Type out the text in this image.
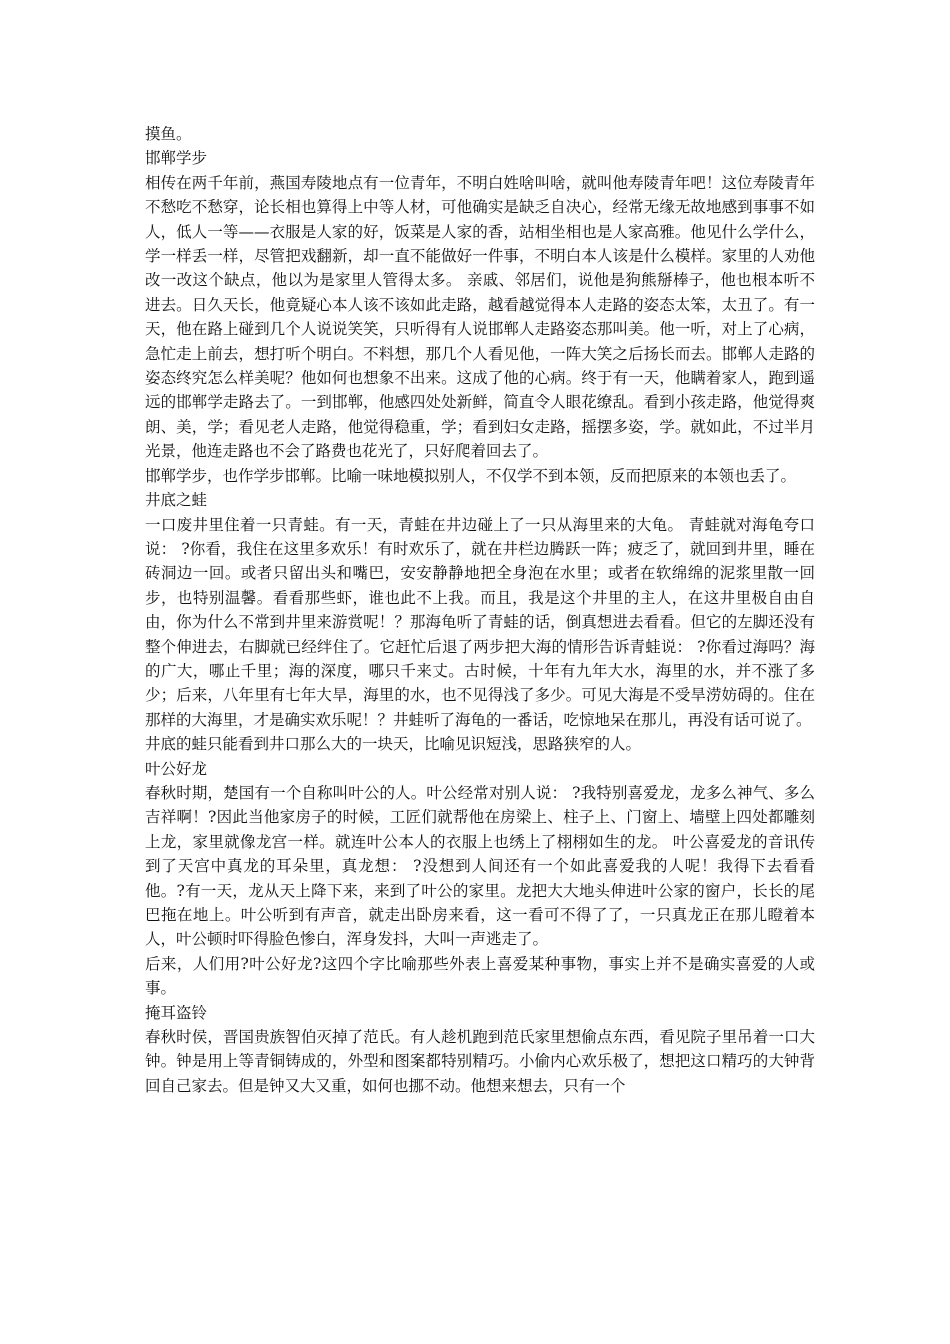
摸鱼。

邯郸学步

相传在两千年前，燕国寿陵地点有一位青年，不明白姓啥叫啥，就叫他寿陵青年吧！这位寿陵青年不愁吃不愁穿，论长相也算得上中等人材，可他确实是缺乏自决心，经常无缘无故地感到事事不如人，低人一等——衣服是人家的好，饭菜是人家的香，站相坐相也是人家高雅。他见什么学什么，学一样丢一样，尽管把戏翻新，却一直不能做好一件事，不明白本人该是什么模样。家里的人劝他改一改这个缺点，他以为是家里人管得太多。 亲戚、邻居们，说他是狗熊掰棒子，他也根本听不进去。日久天长，他竟疑心本人该不该如此走路，越看越觉得本人走路的姿态太笨，太丑了。有一天，他在路上碰到几个人说说笑笑，只听得有人说邯郸人走路姿态那叫美。他一听，对上了心病，急忙走上前去，想打听个明白。不料想，那几个人看见他，一阵大笑之后扬长而去。邯郸人走路的姿态终究怎么样美呢？他如何也想象不出来。这成了他的心病。终于有一天，他瞒着家人，跑到遥远的邯郸学走路去了。一到邯郸，他感四处处新鲜，简直令人眼花缭乱。看到小孩走路，他觉得爽朗、美，学；看见老人走路，他觉得稳重，学；看到妇女走路，摇摆多姿，学。就如此，不过半月光景，他连走路也不会了路费也花光了，只好爬着回去了。

邯郸学步，也作学步邯郸。比喻一味地模拟别人，不仅学不到本领，反而把原来的本领也丢了。

井底之蛙

一口废井里住着一只青蛙。有一天，青蛙在井边碰上了一只从海里来的大龟。 青蛙就对海龟夸口说： ?你看，我住在这里多欢乐！有时欢乐了，就在井栏边腾跃一阵；疲乏了，就回到井里，睡在砖洞边一回。或者只留出头和嘴巴，安安静静地把全身泡在水里；或者在软绵绵的泥浆里散一回步，也特别温馨。看看那些虾，谁也此不上我。而且，我是这个井里的主人，在这井里极自由自由，你为什么不常到井里来游赏呢！？那海龟听了青蛙的话，倒真想进去看看。但它的左脚还没有整个伸进去，右脚就已经绊住了。它赶忙后退了两步把大海的情形告诉青蛙说： ?你看过海吗？海的广大，哪止千里；海的深度，哪只千来丈。古时候，十年有九年大水，海里的水，并不涨了多少；后来，八年里有七年大旱，海里的水，也不见得浅了多少。可见大海是不受旱涝妨碍的。住在那样的大海里，才是确实欢乐呢！？井蛙听了海龟的一番话，吃惊地呆在那儿，再没有话可说了。

井底的蛙只能看到井口那么大的一块天，比喻见识短浅，思路狭窄的人。

叶公好龙

春秋时期，楚国有一个自称叫叶公的人。叶公经常对别人说： ?我特别喜爱龙，龙多么神气、多么吉祥啊！?因此当他家房子的时候，工匠们就帮他在房梁上、柱子上、门窗上、墙壁上四处都雕刻上龙，家里就像龙宫一样。就连叶公本人的衣服上也绣上了栩栩如生的龙。 叶公喜爱龙的音讯传到了天宫中真龙的耳朵里，真龙想： ?没想到人间还有一个如此喜爱我的人呢！我得下去看看他。?有一天，龙从天上降下来，来到了叶公的家里。龙把大大地头伸进叶公家的窗户，长长的尾巴拖在地上。叶公听到有声音，就走出卧房来看，这一看可不得了了，一只真龙正在那儿瞪着本人，叶公顿时吓得脸色惨白，浑身发抖，大叫一声逃走了。

后来，人们用?叶公好龙?这四个字比喻那些外表上喜爱某种事物，事实上并不是确实喜爱的人或事。

掩耳盗铃

春秋时侯，晋国贵族智伯灭掉了范氏。有人趁机跑到范氏家里想偷点东西，看见院子里吊着一口大钟。钟是用上等青铜铸成的，外型和图案都特别精巧。小偷内心欢乐极了，想把这口精巧的大钟背回自己家去。但是钟又大又重，如何也挪不动。他想来想去，只有一个
